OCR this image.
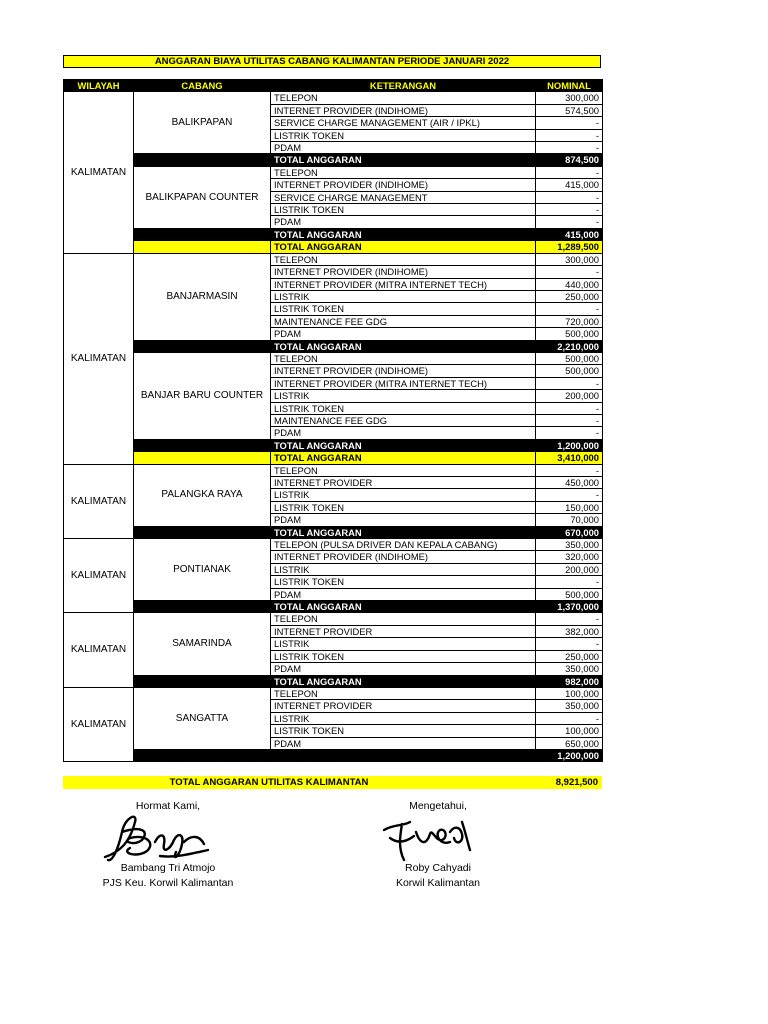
ANGGARAN BIAYA UTILITAS CABANG KALIMANTAN PERIODE JANUARI 2022
WILAYAH	CABANG	KETERANGAN	NOMINAL
KALIMATAN	BALIKPAPAN	TELEPON	300,000
		INTERNET PROVIDER (INDIHOME)	574,500
		SERVICE CHARGE MANAGEMENT (AIR / IPKL)	-
		LISTRIK TOKEN	-
		PDAM	-
		TOTAL ANGGARAN	874,500
	BALIKPAPAN COUNTER	TELEPON	-
		INTERNET PROVIDER (INDIHOME)	415,000
		SERVICE CHARGE MANAGEMENT	-
		LISTRIK TOKEN	-
		PDAM	-
		TOTAL ANGGARAN	415,000
		TOTAL ANGGARAN	1,289,500
KALIMATAN	BANJARMASIN	TELEPON	300,000
		INTERNET PROVIDER (INDIHOME)	-
		INTERNET PROVIDER (MITRA INTERNET TECH)	440,000
		LISTRIK	250,000
		LISTRIK TOKEN	-
		MAINTENANCE FEE GDG	720,000
		PDAM	500,000
		TOTAL ANGGARAN	2,210,000
	BANJAR BARU COUNTER	TELEPON	500,000
		INTERNET PROVIDER (INDIHOME)	500,000
		INTERNET PROVIDER (MITRA INTERNET TECH)	-
		LISTRIK	200,000
		LISTRIK TOKEN	-
		MAINTENANCE FEE GDG	-
		PDAM	-
		TOTAL ANGGARAN	1,200,000
		TOTAL ANGGARAN	3,410,000
KALIMATAN	PALANGKA RAYA	TELEPON	-
		INTERNET PROVIDER	450,000
		LISTRIK	-
		LISTRIK TOKEN	150,000
		PDAM	70,000
		TOTAL ANGGARAN	670,000
KALIMATAN	PONTIANAK	TELEPON (PULSA DRIVER DAN KEPALA CABANG)	350,000
		INTERNET PROVIDER (INDIHOME)	320,000
		LISTRIK	200,000
		LISTRIK TOKEN	-
		PDAM	500,000
		TOTAL ANGGARAN	1,370,000
KALIMATAN	SAMARINDA	TELEPON	-
		INTERNET PROVIDER	382,000
		LISTRIK	-
		LISTRIK TOKEN	250,000
		PDAM	350,000
		TOTAL ANGGARAN	982,000
KALIMATAN	SANGATTA	TELEPON	100,000
		INTERNET PROVIDER	350,000
		LISTRIK	-
		LISTRIK TOKEN	100,000
		PDAM	650,000
			1,200,000
TOTAL ANGGARAN UTILITAS KALIMANTAN	8,921,500
Hormat Kami,
Bambang Tri Atmojo
PJS Keu. Korwil Kalimantan
Mengetahui,
Roby Cahyadi
Korwil Kalimantan
